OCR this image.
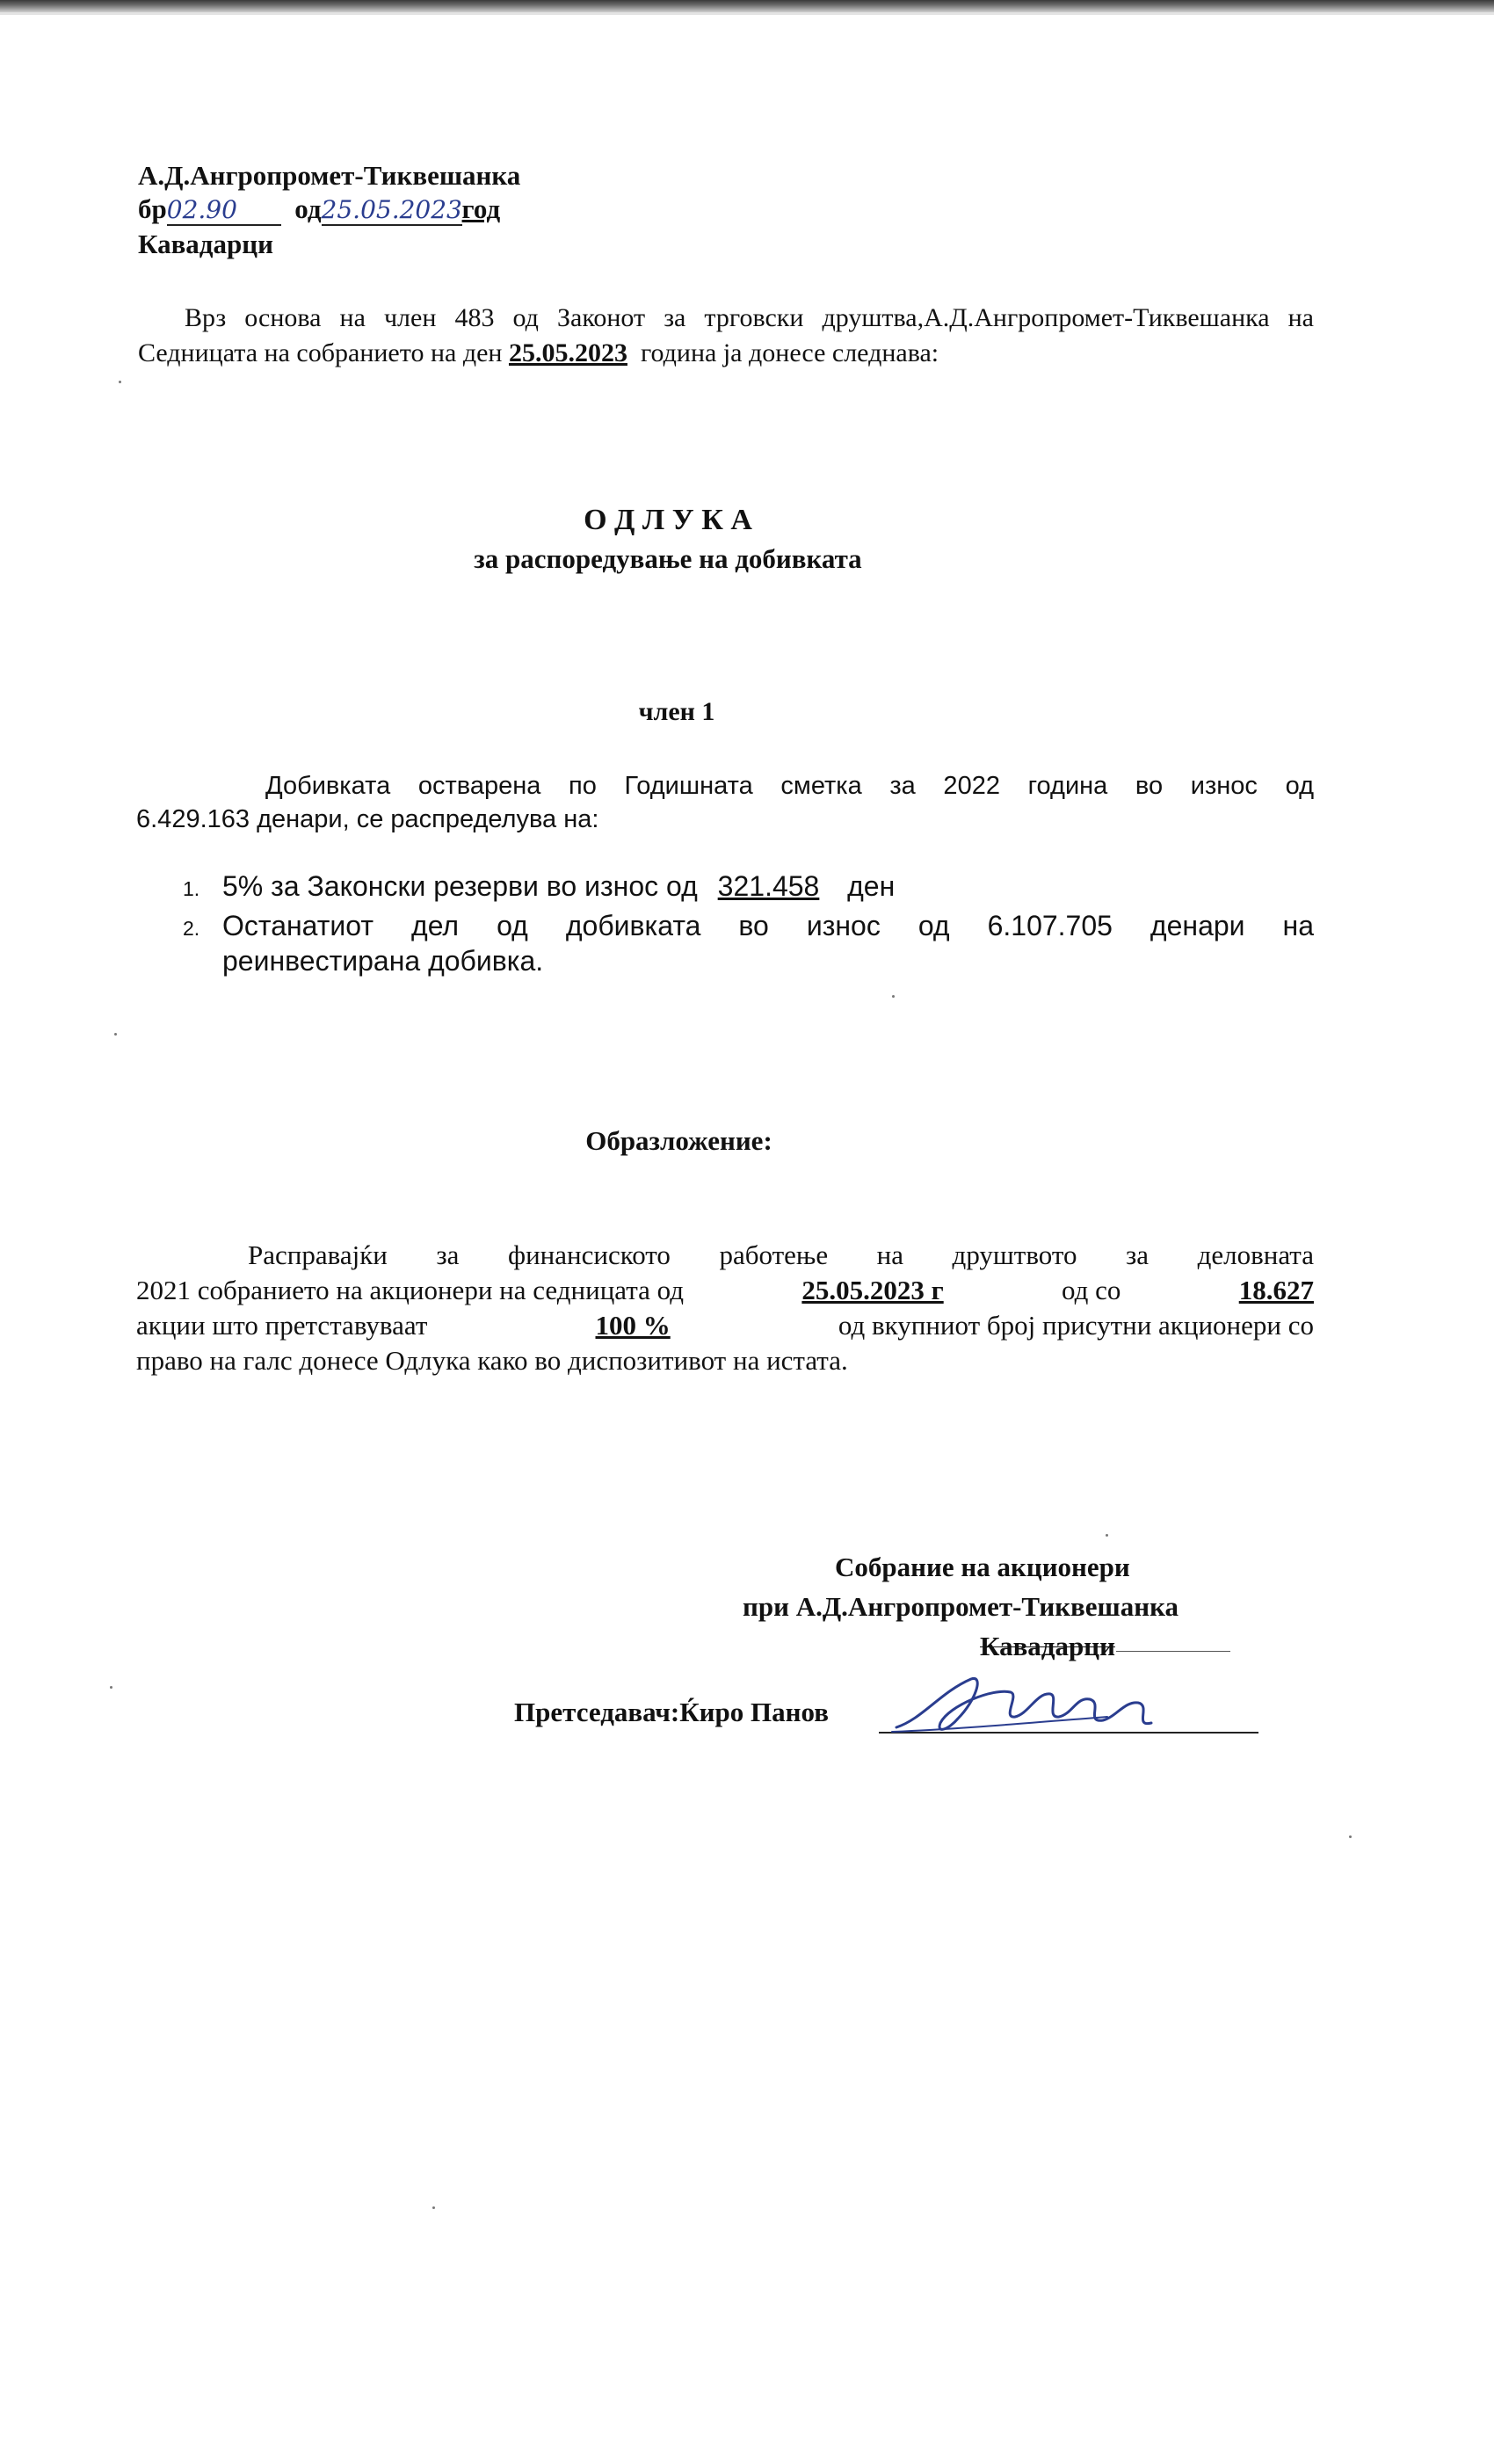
А.Д.Ангропромет-Тиквешанка
бр02.90 од25.05.2023год
Кавадарци
Врз основа на член 483 од Законот за трговски друштва,А.Д.Ангропромет-Тиквешанка на
Седницата на собранието на ден 25.05.2023 година ја донесе следнава:
О Д Л У К А
за распоредување на добивката
член 1
Добивката остварена по Годишната сметка за 2022 година во износ од
6.429.163 денари, се распределува на:
1. 5% за Законски резерви во износ од 321.458 ден
2. Останатиот дел од добивката во износ од 6.107.705 денари на
реинвестирана добивка.
Образложение:
Расправајќи за финансиското работење на друштвото за деловната
2021 собранието на акционери на седницата од	25.05.2023 г	од со	18.627
акции што претставуваат	100 %	од вкупниот број присутни акционери со
право на галс донесе Одлука како во диспозитивот на истата.
Собрание на акционери
при А.Д.Ангропромет-Тиквешанка
Кавадарци
Претседавач:Ќиро Панов
